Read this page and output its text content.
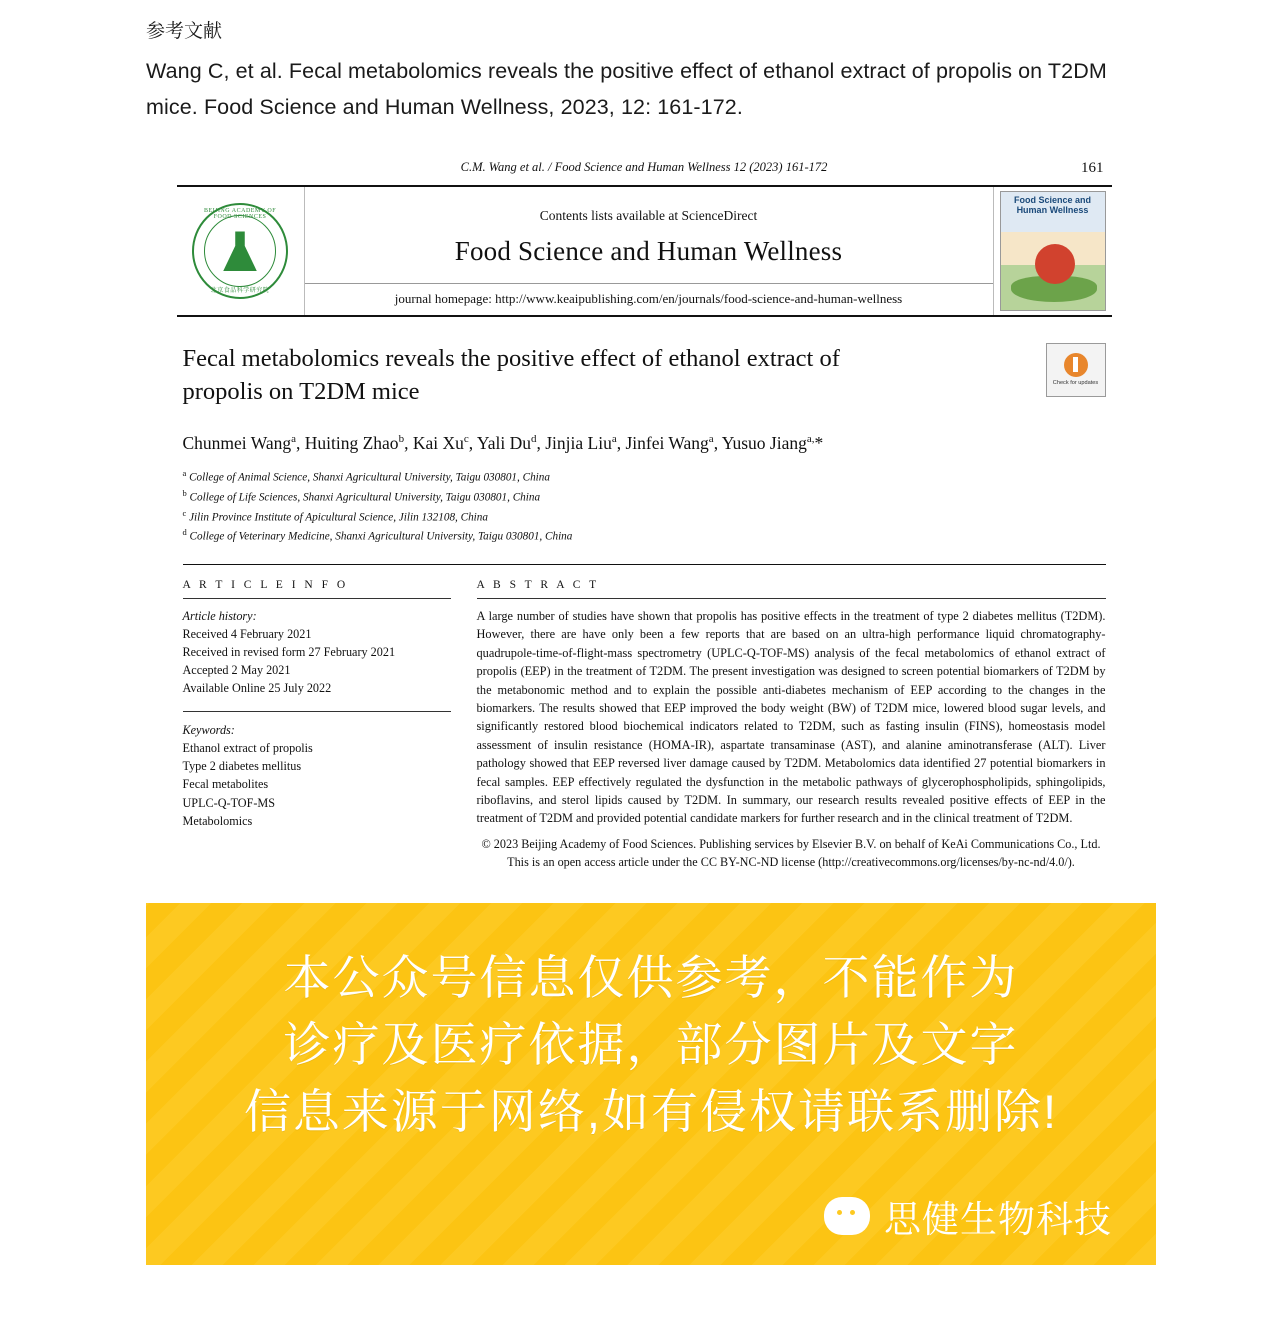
参考文献
Wang C, et al. Fecal metabolomics reveals the positive effect of ethanol extract of propolis on T2DM mice. Food Science and Human Wellness, 2023, 12: 161-172.
C.M. Wang et al. / Food Science and Human Wellness 12 (2023) 161-172	161
BEIJING ACADEMY OF FOOD SCIENCES
北京食品科学研究院
Contents lists available at ScienceDirect
Food Science and Human Wellness
journal homepage: http://www.keaipublishing.com/en/journals/food-science-and-human-wellness
Food Science and Human Wellness
Fecal metabolomics reveals the positive effect of ethanol extract of propolis on T2DM mice
Chunmei Wang$^a$, Huiting Zhao$^b$, Kai Xu$^c$, Yali Du$^d$, Jinjia Liu$^a$, Jinfei Wang$^a$, Yusuo Jiang$^{a,}$*
$^a$ College of Animal Science, Shanxi Agricultural University, Taigu 030801, China
$^b$ College of Life Sciences, Shanxi Agricultural University, Taigu 030801, China
$^c$ Jilin Province Institute of Apicultural Science, Jilin 132108, China
$^d$ College of Veterinary Medicine, Shanxi Agricultural University, Taigu 030801, China
Check for updates
A R T I C L E I N F O
Article history:
Received 4 February 2021
Received in revised form 27 February 2021
Accepted 2 May 2021
Available Online 25 July 2022
Keywords:
Ethanol extract of propolis
Type 2 diabetes mellitus
Fecal metabolites
UPLC-Q-TOF-MS
Metabolomics
A B S T R A C T
A large number of studies have shown that propolis has positive effects in the treatment of type 2 diabetes mellitus (T2DM). However, there are have only been a few reports that are based on an ultra-high performance liquid chromatography-quadrupole-time-of-flight-mass spectrometry (UPLC-Q-TOF-MS) analysis of the fecal metabolomics of ethanol extract of propolis (EEP) in the treatment of T2DM. The present investigation was designed to screen potential biomarkers of T2DM by the metabonomic method and to explain the possible anti-diabetes mechanism of EEP according to the changes in the biomarkers. The results showed that EEP improved the body weight (BW) of T2DM mice, lowered blood sugar levels, and significantly restored blood biochemical indicators related to T2DM, such as fasting insulin (FINS), homeostasis model assessment of insulin resistance (HOMA-IR), aspartate transaminase (AST), and alanine aminotransferase (ALT). Liver pathology showed that EEP reversed liver damage caused by T2DM. Metabolomics data identified 27 potential biomarkers in fecal samples. EEP effectively regulated the dysfunction in the metabolic pathways of glycerophospholipids, sphingolipids, riboflavins, and sterol lipids caused by T2DM. In summary, our research results revealed positive effects of EEP in the treatment of T2DM and provided potential candidate markers for further research and in the clinical treatment of T2DM.
© 2023 Beijing Academy of Food Sciences. Publishing services by Elsevier B.V. on behalf of KeAi Communications Co., Ltd. This is an open access article under the CC BY-NC-ND license (http://creativecommons.org/licenses/by-nc-nd/4.0/).
本公众号信息仅供参考，不能作为
诊疗及医疗依据，部分图片及文字
信息来源于网络,如有侵权请联系删除!
思健生物科技
